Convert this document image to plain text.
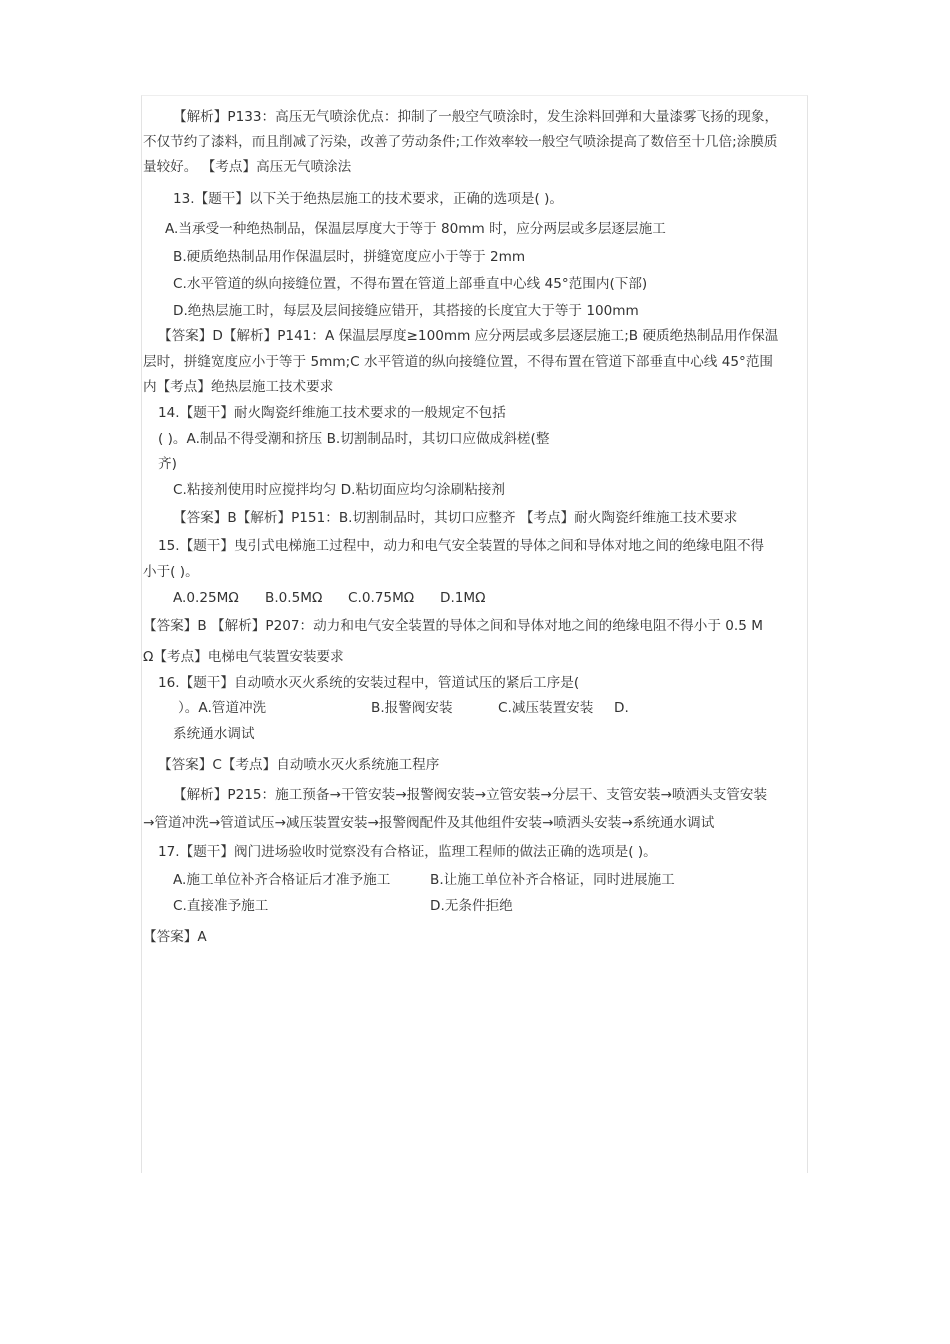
【解析】P133：高压无气喷涂优点：抑制了一般空气喷涂时，发生涂料回弹和大量漆雾飞扬的现象，
不仅节约了漆料，而且削减了污染，改善了劳动条件;工作效率较一般空气喷涂提高了数倍至十几倍;涂膜质
量较好。 【考点】高压无气喷涂法
13.【题干】以下关于绝热层施工的技术要求，正确的选项是( )。
A.当承受一种绝热制品，保温层厚度大于等于 80mm 时，应分两层或多层逐层施工
B.硬质绝热制品用作保温层时，拼缝宽度应小于等于 2mm
C.水平管道的纵向接缝位置，不得布置在管道上部垂直中心线 45°范围内(下部)
D.绝热层施工时，每层及层间接缝应错开，其搭接的长度宜大于等于 100mm
【答案】D【解析】P141：A 保温层厚度≥100mm 应分两层或多层逐层施工;B 硬质绝热制品用作保温
层时，拼缝宽度应小于等于 5mm;C 水平管道的纵向接缝位置，不得布置在管道下部垂直中心线 45°范围
内【考点】绝热层施工技术要求
14.【题干】耐火陶瓷纤维施工技术要求的一般规定不包括
( )。A.制品不得受潮和挤压 B.切割制品时，其切口应做成斜槎(整
齐)
C.粘接剂使用时应搅拌均匀 D.粘切面应均匀涂刷粘接剂
【答案】B【解析】P151：B.切割制品时，其切口应整齐 【考点】耐火陶瓷纤维施工技术要求
15.【题干】曳引式电梯施工过程中，动力和电气安全装置的导体之间和导体对地之间的绝缘电阻不得
小于( )。
A.0.25MΩ B.0.5MΩ C.0.75MΩ D.1MΩ
【答案】B 【解析】P207：动力和电气安全装置的导体之间和导体对地之间的绝缘电阻不得小于 0.5 M
Ω【考点】电梯电气装置安装要求
16.【题干】自动喷水灭火系统的安装过程中，管道试压的紧后工序是(
）。A.管道冲洗	B.报警阀安装	C.减压装置安装 D.
系统通水调试
【答案】C【考点】自动喷水灭火系统施工程序
【解析】P215：施工预备→干管安装→报警阀安装→立管安装→分层干、支管安装→喷洒头支管安装
→管道冲洗→管道试压→减压装置安装→报警阀配件及其他组件安装→喷洒头安装→系统通水调试
17.【题干】阀门进场验收时觉察没有合格证，监理工程师的做法正确的选项是( )。
A.施工单位补齐合格证后才准予施工	B.让施工单位补齐合格证，同时进展施工
C.直接准予施工	D.无条件拒绝
【答案】A
